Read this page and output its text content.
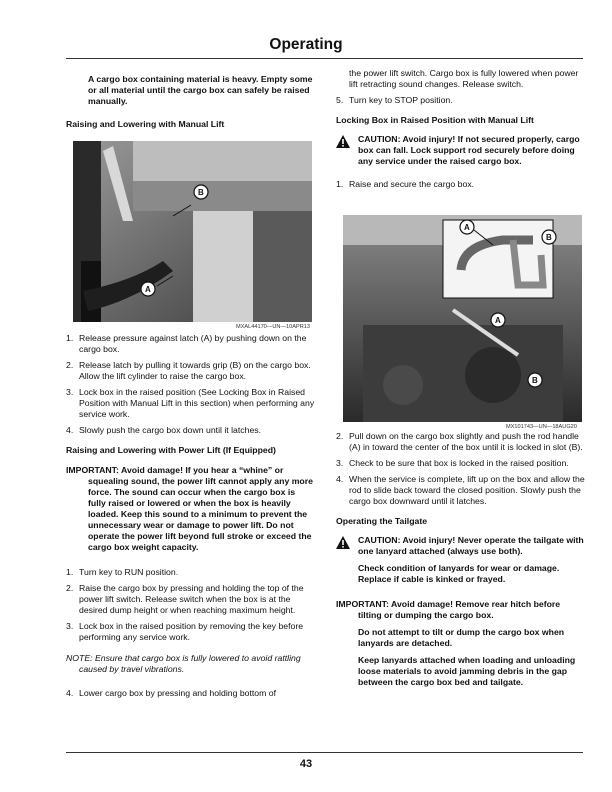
Operating

A cargo box containing material is heavy. Empty some or all material until the cargo box can safely be raised manually.

Raising and Lowering with Manual Lift

B
A
MXAL44170—UN—10APR13
1. Release pressure against latch (A) by pushing down on the cargo box.
2. Release latch by pulling it towards grip (B) on the cargo box. Allow the lift cylinder to raise the cargo box.
3. Lock box in the raised position (See Locking Box in Raised Position with Manual Lift in this section) when performing any service work.
4. Slowly push the cargo box down until it latches.

Raising and Lowering with Power Lift (If Equipped)

IMPORTANT: Avoid damage! If you hear a “whine” or squealing sound, the power lift cannot apply any more force. The sound can occur when the cargo box is fully raised or lowered or when the box is heavily loaded. Keep this sound to a minimum to prevent the unnecessary wear or damage to power lift. Do not operate the power lift beyond full stroke or exceed the cargo box weight capacity.

1. Turn key to RUN position.
2. Raise the cargo box by pressing and holding the top of the power lift switch. Release switch when the box is at the desired dump height or when reaching maximum height.
3. Lock box in the raised position by removing the key before performing any service work.

NOTE: Ensure that cargo box is fully lowered to avoid rattling caused by travel vibrations.

4. Lower cargo box by pressing and holding bottom of

the power lift switch. Cargo box is fully lowered when power lift retracting sound changes. Release switch.

5. Turn key to STOP position.

Locking Box in Raised Position with Manual Lift

CAUTION: Avoid injury! If not secured properly, cargo box can fall. Lock support rod securely before doing any service under the raised cargo box.
1. Raise and secure the cargo box.
A
B
A
B
MX101743—UN—18AUG20
2. Pull down on the cargo box slightly and push the rod handle (A) in toward the center of the box until it is locked in slot (B).
3. Check to be sure that box is locked in the raised position.
4. When the service is complete, lift up on the box and allow the rod to slide back toward the closed position. Slowly push the cargo box downward until it latches.

Operating the Tailgate

CAUTION: Avoid injury! Never operate the tailgate with one lanyard attached (always use both).

Check condition of lanyards for wear or damage. Replace if cable is kinked or frayed.

IMPORTANT: Avoid damage! Remove rear hitch before tilting or dumping the cargo box.

Do not attempt to tilt or dump the cargo box when lanyards are detached.

Keep lanyards attached when loading and unloading loose materials to avoid jamming debris in the gap between the cargo box bed and tailgate.

43
